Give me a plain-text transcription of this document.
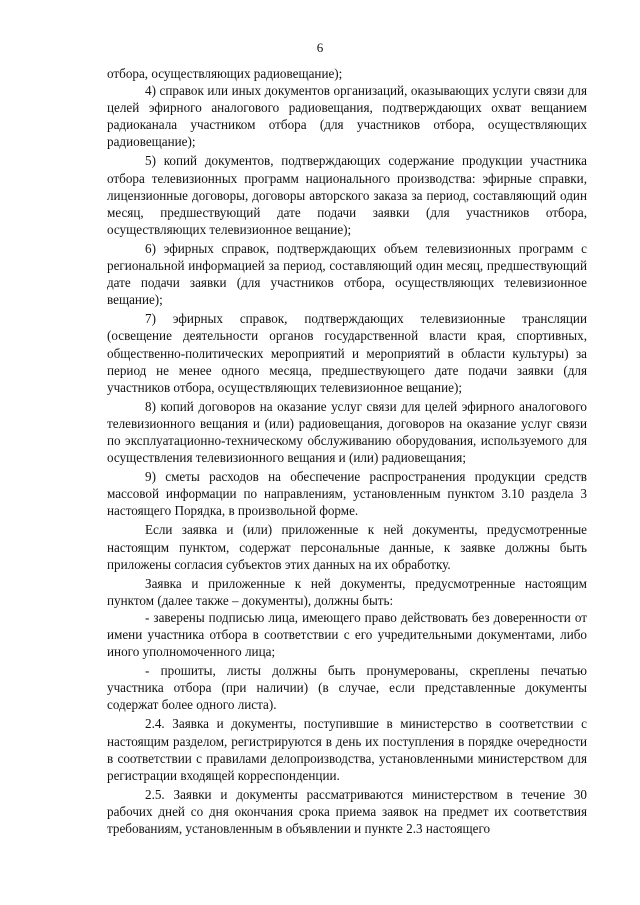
6

отбора, осуществляющих радиовещание);

4) справок или иных документов организаций, оказывающих услуги связи для целей эфирного аналогового радиовещания, подтверждающих охват вещанием радиоканала участником отбора (для участников отбора, осуществляющих радиовещание);

5) копий документов, подтверждающих содержание продукции участника отбора телевизионных программ национального производства: эфирные справки, лицензионные договоры, договоры авторского заказа за период, составляющий один месяц, предшествующий дате подачи заявки (для участников отбора, осуществляющих телевизионное вещание);

6) эфирных справок, подтверждающих объем телевизионных программ с региональной информацией за период, составляющий один месяц, предшествующий дате подачи заявки (для участников отбора, осуществляющих телевизионное вещание);

7) эфирных справок, подтверждающих телевизионные трансляции (освещение деятельности органов государственной власти края, спортивных, общественно-политических мероприятий и мероприятий в области культуры) за период не менее одного месяца, предшествующего дате подачи заявки (для участников отбора, осуществляющих телевизионное вещание);

8) копий договоров на оказание услуг связи для целей эфирного аналогового телевизионного вещания и (или) радиовещания, договоров на оказание услуг связи по эксплуатационно-техническому обслуживанию оборудования, используемого для осуществления телевизионного вещания и (или) радиовещания;

9) сметы расходов на обеспечение распространения продукции средств массовой информации по направлениям, установленным пунктом 3.10 раздела 3 настоящего Порядка, в произвольной форме.

Если заявка и (или) приложенные к ней документы, предусмотренные настоящим пунктом, содержат персональные данные, к заявке должны быть приложены согласия субъектов этих данных на их обработку.

Заявка и приложенные к ней документы, предусмотренные настоящим пунктом (далее также – документы), должны быть:

- заверены подписью лица, имеющего право действовать без доверенности от имени участника отбора в соответствии с его учредительными документами, либо иного уполномоченного лица;

- прошиты, листы должны быть пронумерованы, скреплены печатью участника отбора (при наличии) (в случае, если представленные документы содержат более одного листа).

2.4. Заявка и документы, поступившие в министерство в соответствии с настоящим разделом, регистрируются в день их поступления в порядке очередности в соответствии с правилами делопроизводства, установленными министерством для регистрации входящей корреспонденции.

2.5. Заявки и документы рассматриваются министерством в течение 30 рабочих дней со дня окончания срока приема заявок на предмет их соответствия требованиям, установленным в объявлении и пункте 2.3 настоящего
